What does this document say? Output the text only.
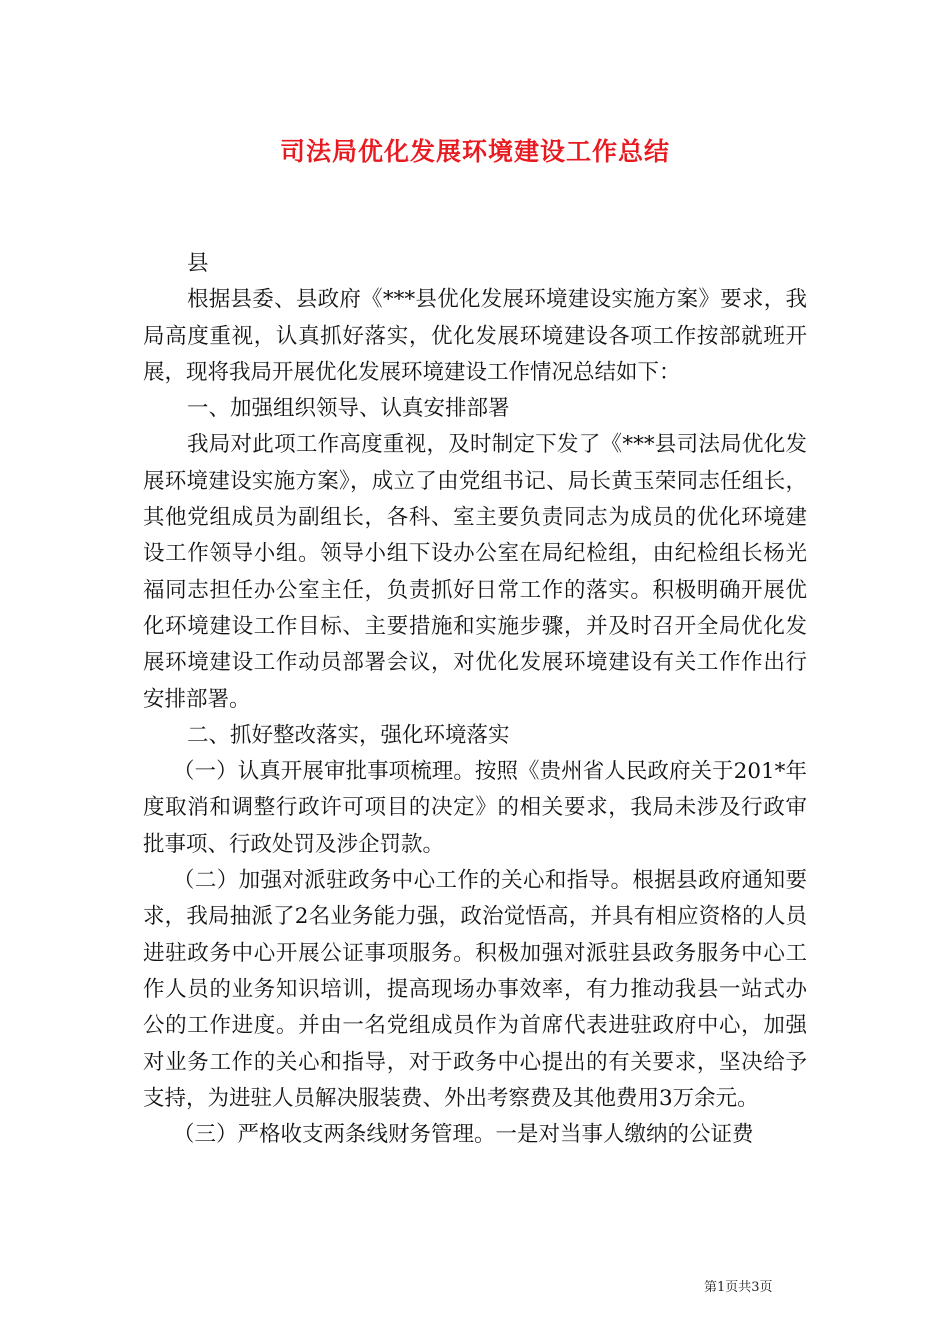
司法局优化发展环境建设工作总结

县

根据县委、县政府《***县优化发展环境建设实施方案》要求，我局高度重视，认真抓好落实，优化发展环境建设各项工作按部就班开展，现将我局开展优化发展环境建设工作情况总结如下：

一、加强组织领导、认真安排部署

我局对此项工作高度重视，及时制定下发了《***县司法局优化发展环境建设实施方案》，成立了由党组书记、局长黄玉荣同志任组长，其他党组成员为副组长，各科、室主要负责同志为成员的优化环境建设工作领导小组。领导小组下设办公室在局纪检组，由纪检组长杨光福同志担任办公室主任，负责抓好日常工作的落实。积极明确开展优化环境建设工作目标、主要措施和实施步骤，并及时召开全局优化发展环境建设工作动员部署会议，对优化发展环境建设有关工作作出行安排部署。

二、抓好整改落实，强化环境落实

（一）认真开展审批事项梳理。按照《贵州省人民政府关于201*年度取消和调整行政许可项目的决定》的相关要求，我局未涉及行政审批事项、行政处罚及涉企罚款。

（二）加强对派驻政务中心工作的关心和指导。根据县政府通知要求，我局抽派了2名业务能力强，政治觉悟高，并具有相应资格的人员进驻政务中心开展公证事项服务。积极加强对派驻县政务服务中心工作人员的业务知识培训，提高现场办事效率，有力推动我县一站式办公的工作进度。并由一名党组成员作为首席代表进驻政府中心，加强对业务工作的关心和指导，对于政务中心提出的有关要求，坚决给予支持，为进驻人员解决服装费、外出考察费及其他费用3万余元。

（三）严格收支两条线财务管理。一是对当事人缴纳的公证费

第1页共3页
